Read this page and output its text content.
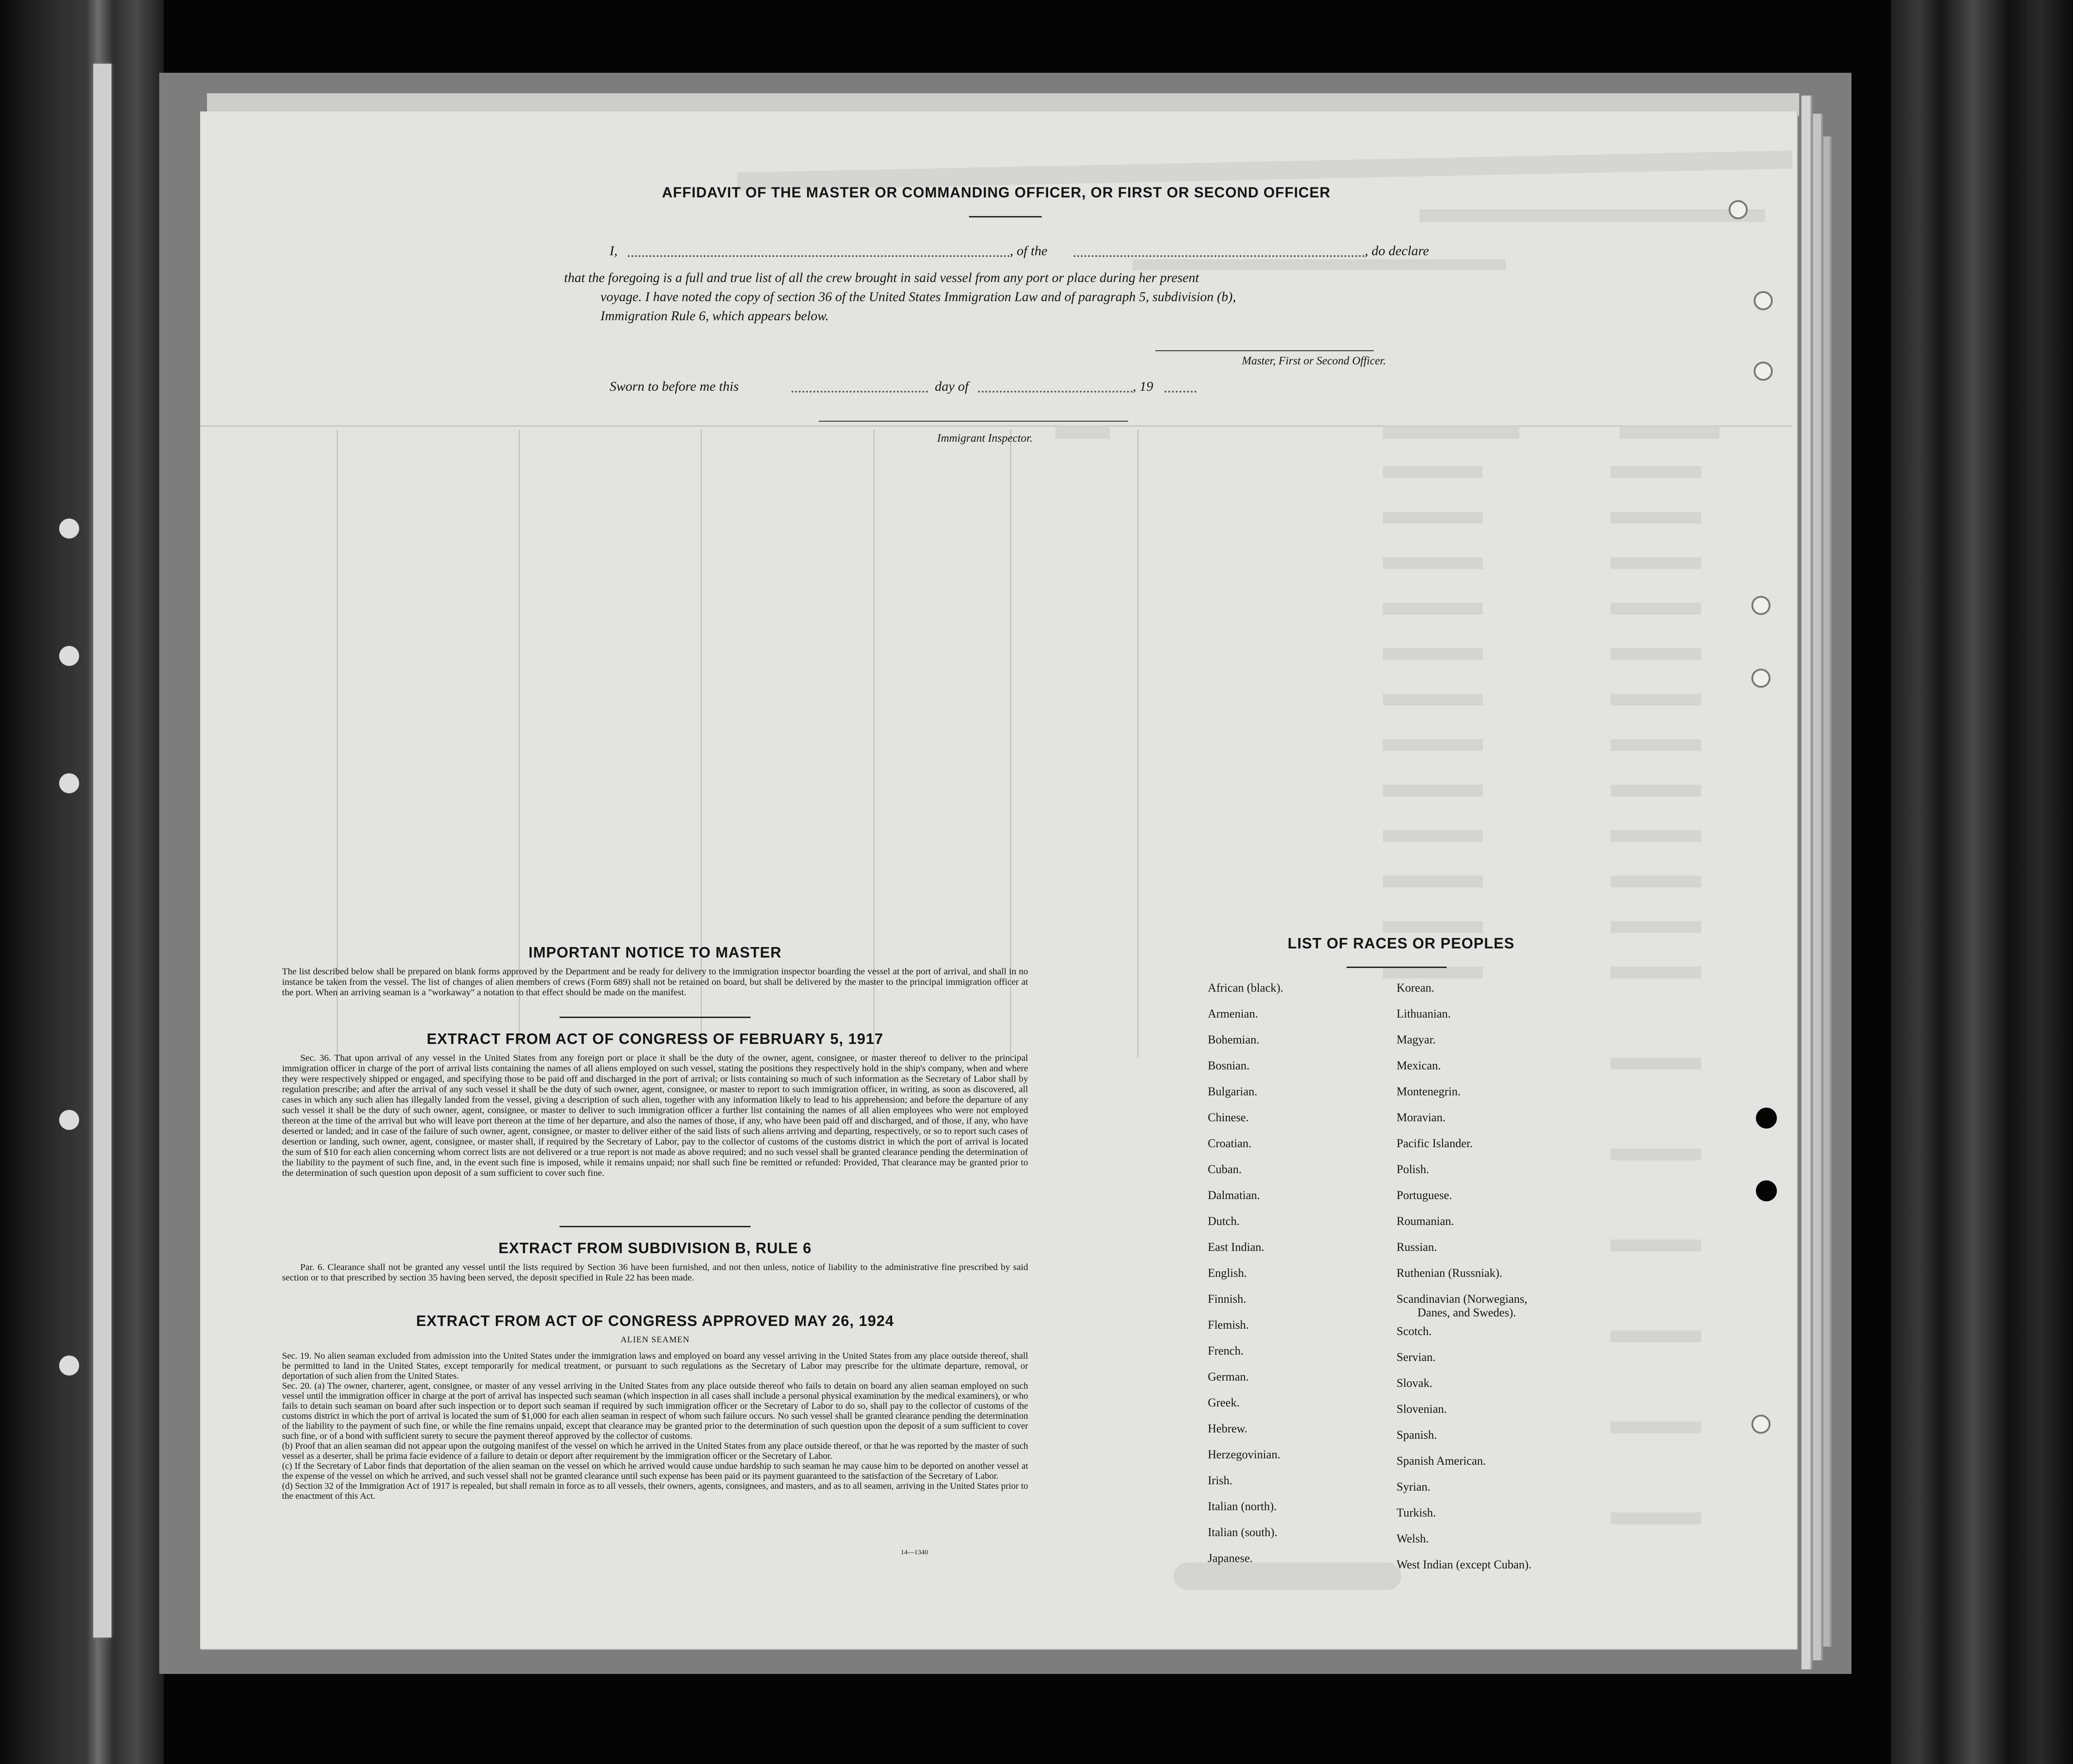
AFFIDAVIT OF THE MASTER OR COMMANDING OFFICER, OR FIRST OR SECOND OFFICER
I,	, of the	, do declare
that the foregoing is a full and true list of all the crew brought in said vessel from any port or place during her present
voyage. I have noted the copy of section 36 of the United States Immigration Law and of paragraph 5, subdivision (b),
Immigration Rule 6, which appears below.
Master, First or Second Officer.
Sworn to before me this	day of	, 19
Immigrant Inspector.
IMPORTANT NOTICE TO MASTER
The list described below shall be prepared on blank forms approved by the Department and be ready for delivery to the immigration inspector boarding the vessel at the port of arrival, and shall in no instance be taken from the vessel. The list of changes of alien members of crews (Form 689) shall not be retained on board, but shall be delivered by the master to the principal immigration officer at the port. When an arriving seaman is a "workaway" a notation to that effect should be made on the manifest.
EXTRACT FROM ACT OF CONGRESS OF FEBRUARY 5, 1917
Sec. 36. That upon arrival of any vessel in the United States from any foreign port or place it shall be the duty of the owner, agent, consignee, or master thereof to deliver to the principal immigration officer in charge of the port of arrival lists containing the names of all aliens employed on such vessel, stating the positions they respectively hold in the ship's company, when and where they were respectively shipped or engaged, and specifying those to be paid off and discharged in the port of arrival; or lists containing so much of such information as the Secretary of Labor shall by regulation prescribe; and after the arrival of any such vessel it shall be the duty of such owner, agent, consignee, or master to report to such immigration officer, in writing, as soon as discovered, all cases in which any such alien has illegally landed from the vessel, giving a description of such alien, together with any information likely to lead to his apprehension; and before the departure of any such vessel it shall be the duty of such owner, agent, consignee, or master to deliver to such immigration officer a further list containing the names of all alien employees who were not employed thereon at the time of the arrival but who will leave port thereon at the time of her departure, and also the names of those, if any, who have been paid off and discharged, and of those, if any, who have deserted or landed; and in case of the failure of such owner, agent, consignee, or master to deliver either of the said lists of such aliens arriving and departing, respectively, or so to report such cases of desertion or landing, such owner, agent, consignee, or master shall, if required by the Secretary of Labor, pay to the collector of customs of the customs district in which the port of arrival is located the sum of $10 for each alien concerning whom correct lists are not delivered or a true report is not made as above required; and no such vessel shall be granted clearance pending the determination of the liability to the payment of such fine, and, in the event such fine is imposed, while it remains unpaid; nor shall such fine be remitted or refunded: Provided, That clearance may be granted prior to the determination of such question upon deposit of a sum sufficient to cover such fine.
EXTRACT FROM SUBDIVISION B, RULE 6
Par. 6. Clearance shall not be granted any vessel until the lists required by Section 36 have been furnished, and not then unless, notice of liability to the administrative fine prescribed by said section or to that prescribed by section 35 having been served, the deposit specified in Rule 22 has been made.
EXTRACT FROM ACT OF CONGRESS APPROVED MAY 26, 1924
ALIEN SEAMEN
Sec. 19. No alien seaman excluded from admission into the United States under the immigration laws and employed on board any vessel arriving in the United States from any place outside thereof, shall be permitted to land in the United States, except temporarily for medical treatment, or pursuant to such regulations as the Secretary of Labor may prescribe for the ultimate departure, removal, or deportation of such alien from the United States.
Sec. 20. (a) The owner, charterer, agent, consignee, or master of any vessel arriving in the United States from any place outside thereof who fails to detain on board any alien seaman employed on such vessel until the immigration officer in charge at the port of arrival has inspected such seaman (which inspection in all cases shall include a personal physical examination by the medical examiners), or who fails to detain such seaman on board after such inspection or to deport such seaman if required by such immigration officer or the Secretary of Labor to do so, shall pay to the collector of customs of the customs district in which the port of arrival is located the sum of $1,000 for each alien seaman in respect of whom such failure occurs. No such vessel shall be granted clearance pending the determination of the liability to the payment of such fine, or while the fine remains unpaid, except that clearance may be granted prior to the determination of such question upon the deposit of a sum sufficient to cover such fine, or of a bond with sufficient surety to secure the payment thereof approved by the collector of customs.
(b) Proof that an alien seaman did not appear upon the outgoing manifest of the vessel on which he arrived in the United States from any place outside thereof, or that he was reported by the master of such vessel as a deserter, shall be prima facie evidence of a failure to detain or deport after requirement by the immigration officer or the Secretary of Labor.
(c) If the Secretary of Labor finds that deportation of the alien seaman on the vessel on which he arrived would cause undue hardship to such seaman he may cause him to be deported on another vessel at the expense of the vessel on which he arrived, and such vessel shall not be granted clearance until such expense has been paid or its payment guaranteed to the satisfaction of the Secretary of Labor.
(d) Section 32 of the Immigration Act of 1917 is repealed, but shall remain in force as to all vessels, their owners, agents, consignees, and masters, and as to all seamen, arriving in the United States prior to the enactment of this Act.
14—1340
LIST OF RACES OR PEOPLES
African (black).
Armenian.
Bohemian.
Bosnian.
Bulgarian.
Chinese.
Croatian.
Cuban.
Dalmatian.
Dutch.
East Indian.
English.
Finnish.
Flemish.
French.
German.
Greek.
Hebrew.
Herzegovinian.
Irish.
Italian (north).
Italian (south).
Japanese.
Korean.
Lithuanian.
Magyar.
Mexican.
Montenegrin.
Moravian.
Pacific Islander.
Polish.
Portuguese.
Roumanian.
Russian.
Ruthenian (Russniak).
Scandinavian (Norwegians,
Danes, and Swedes).
Scotch.
Servian.
Slovak.
Slovenian.
Spanish.
Spanish American.
Syrian.
Turkish.
Welsh.
West Indian (except Cuban).
